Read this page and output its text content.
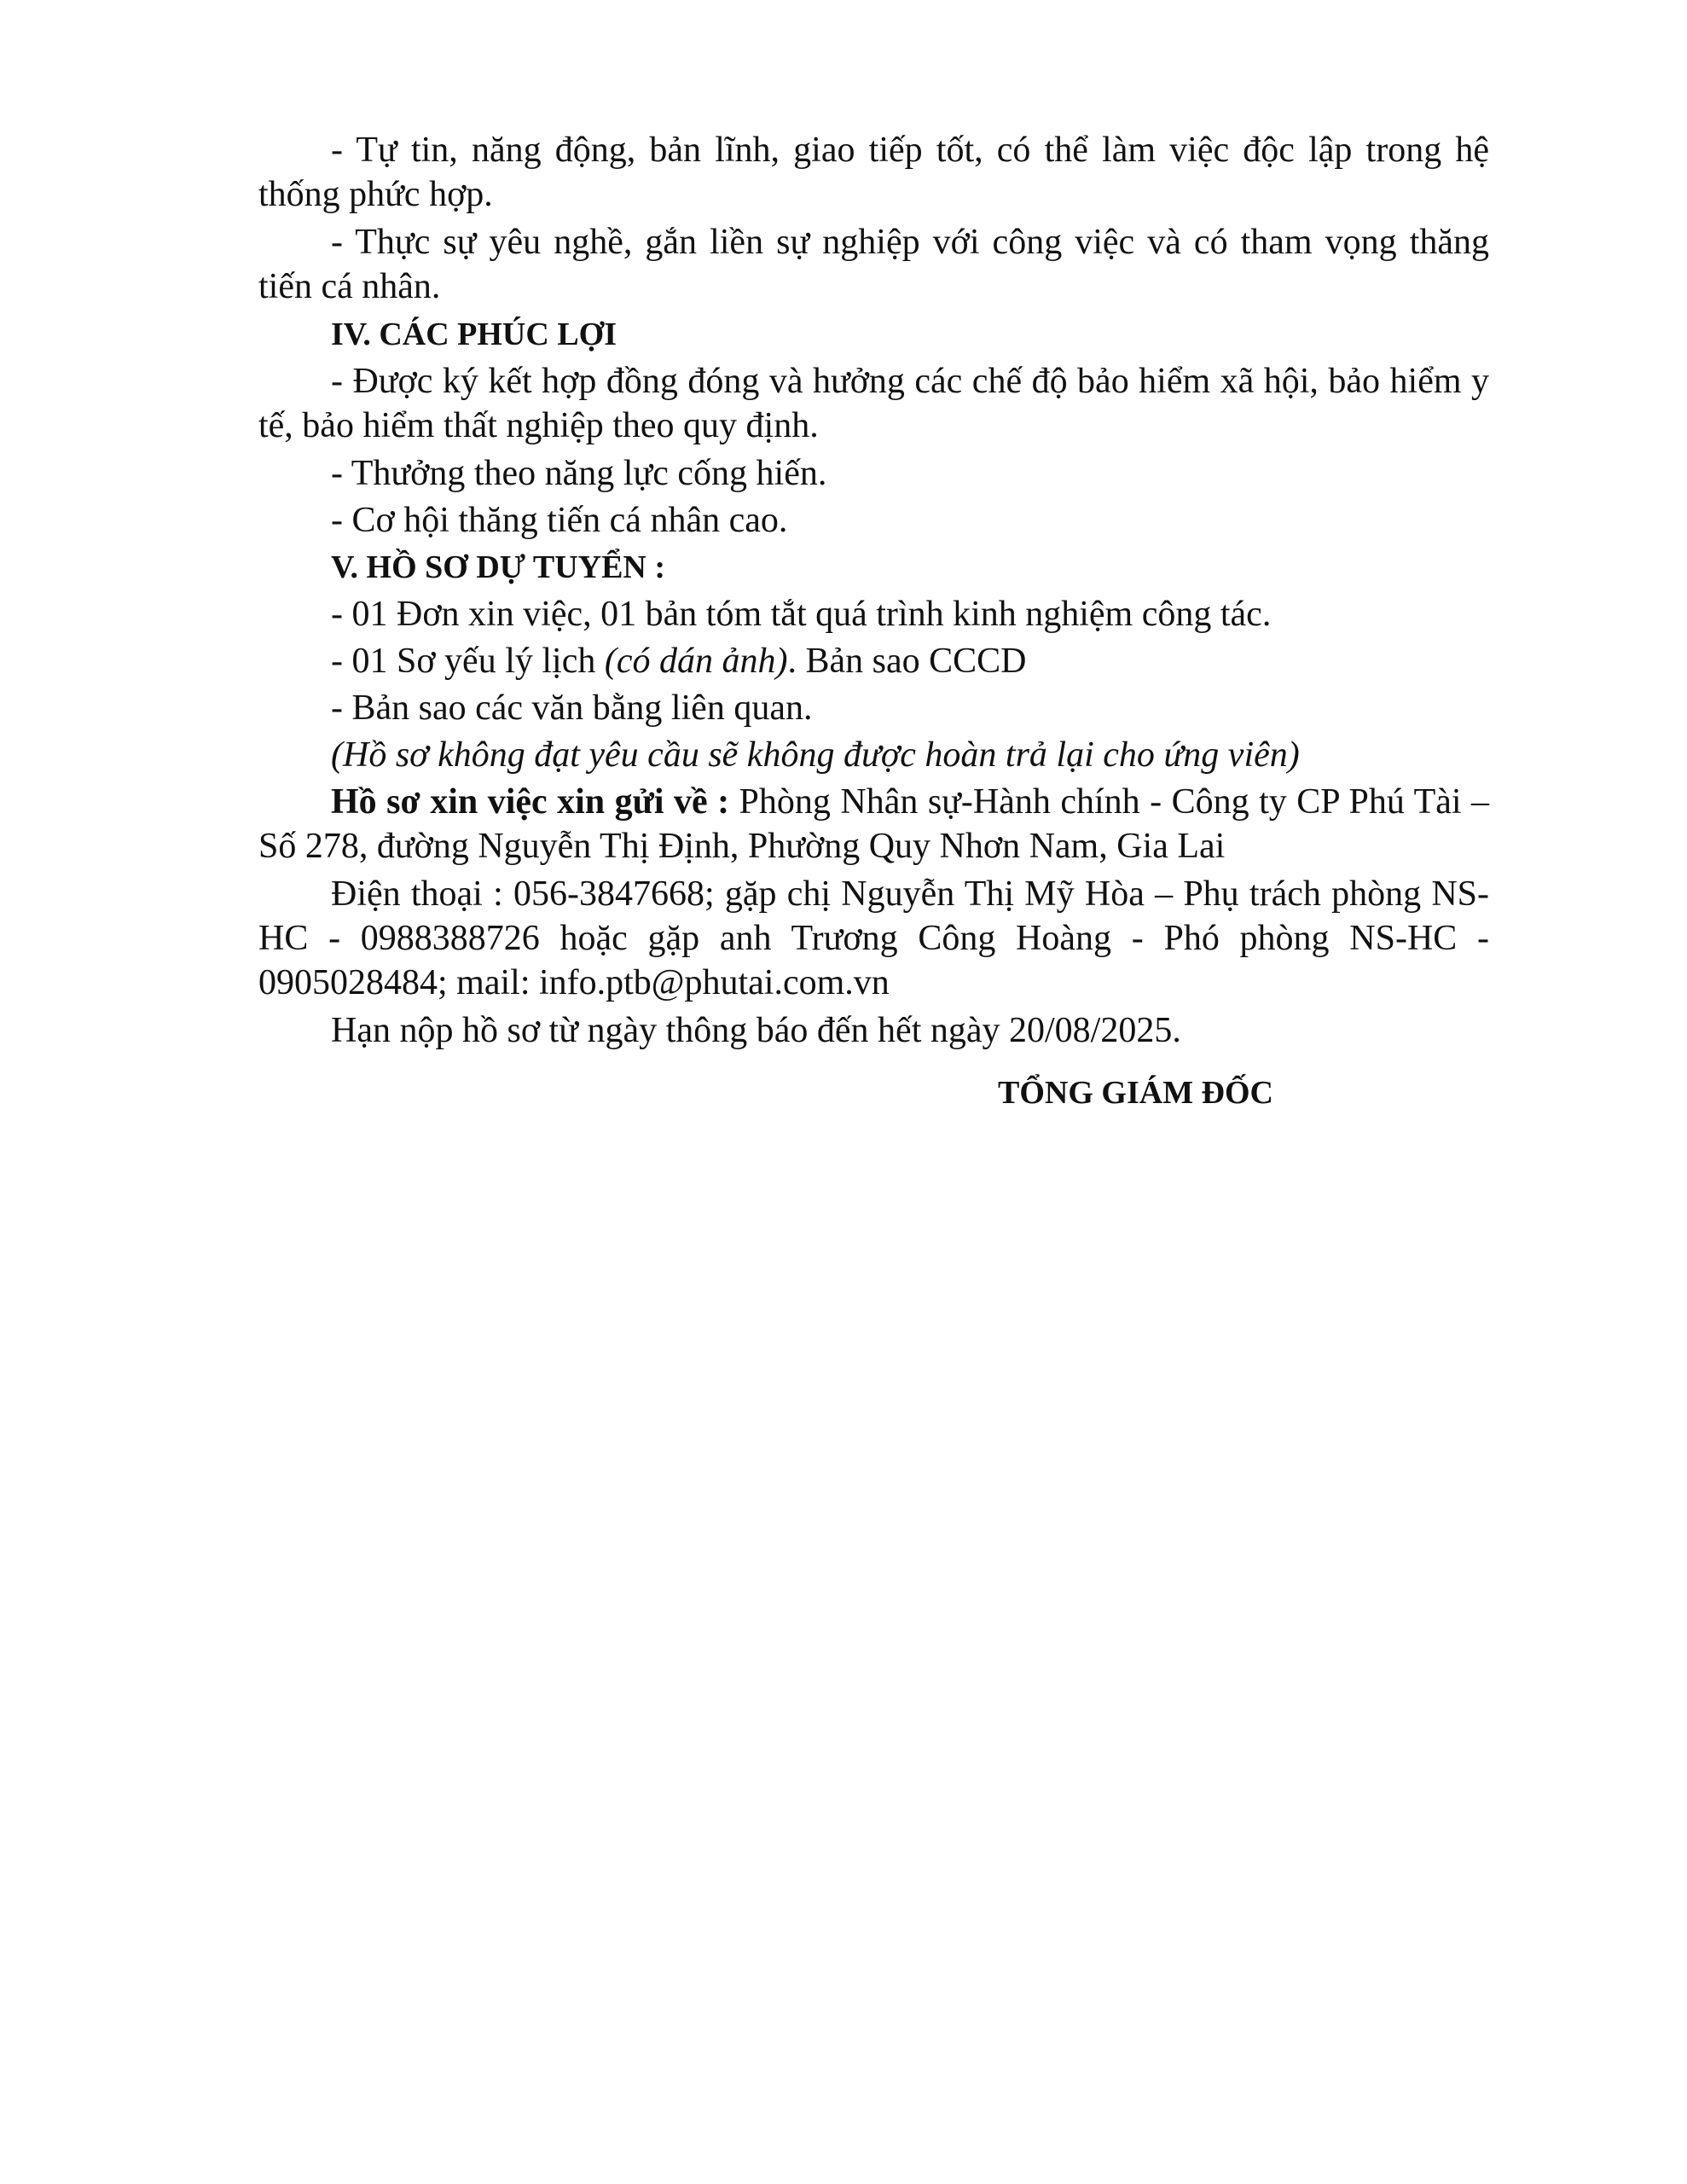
- Tự tin, năng động, bản lĩnh, giao tiếp tốt, có thể làm việc độc lập trong hệ thống phức hợp.

- Thực sự yêu nghề, gắn liền sự nghiệp với công việc và có tham vọng thăng tiến cá nhân.

IV. CÁC PHÚC LỢI

- Được ký kết hợp đồng đóng và hưởng các chế độ bảo hiểm xã hội, bảo hiểm y tế, bảo hiểm thất nghiệp theo quy định.

- Thưởng theo năng lực cống hiến.

- Cơ hội thăng tiến cá nhân cao.

V. HỒ SƠ DỰ TUYỂN :

- 01 Đơn xin việc, 01 bản tóm tắt quá trình kinh nghiệm công tác.

- 01 Sơ yếu lý lịch (có dán ảnh). Bản sao CCCD

- Bản sao các văn bằng liên quan.

(Hồ sơ không đạt yêu cầu sẽ không được hoàn trả lại cho ứng viên)

Hồ sơ xin việc xin gửi về : Phòng Nhân sự-Hành chính - Công ty CP Phú Tài – Số 278, đường Nguyễn Thị Định, Phường Quy Nhơn Nam, Gia Lai

Điện thoại : 056-3847668; gặp chị Nguyễn Thị Mỹ Hòa – Phụ trách phòng NS-HC - 0988388726 hoặc gặp anh Trương Công Hoàng - Phó phòng NS-HC - 0905028484; mail: info.ptb@phutai.com.vn

Hạn nộp hồ sơ từ ngày thông báo đến hết ngày 20/08/2025.

TỔNG GIÁM ĐỐC
